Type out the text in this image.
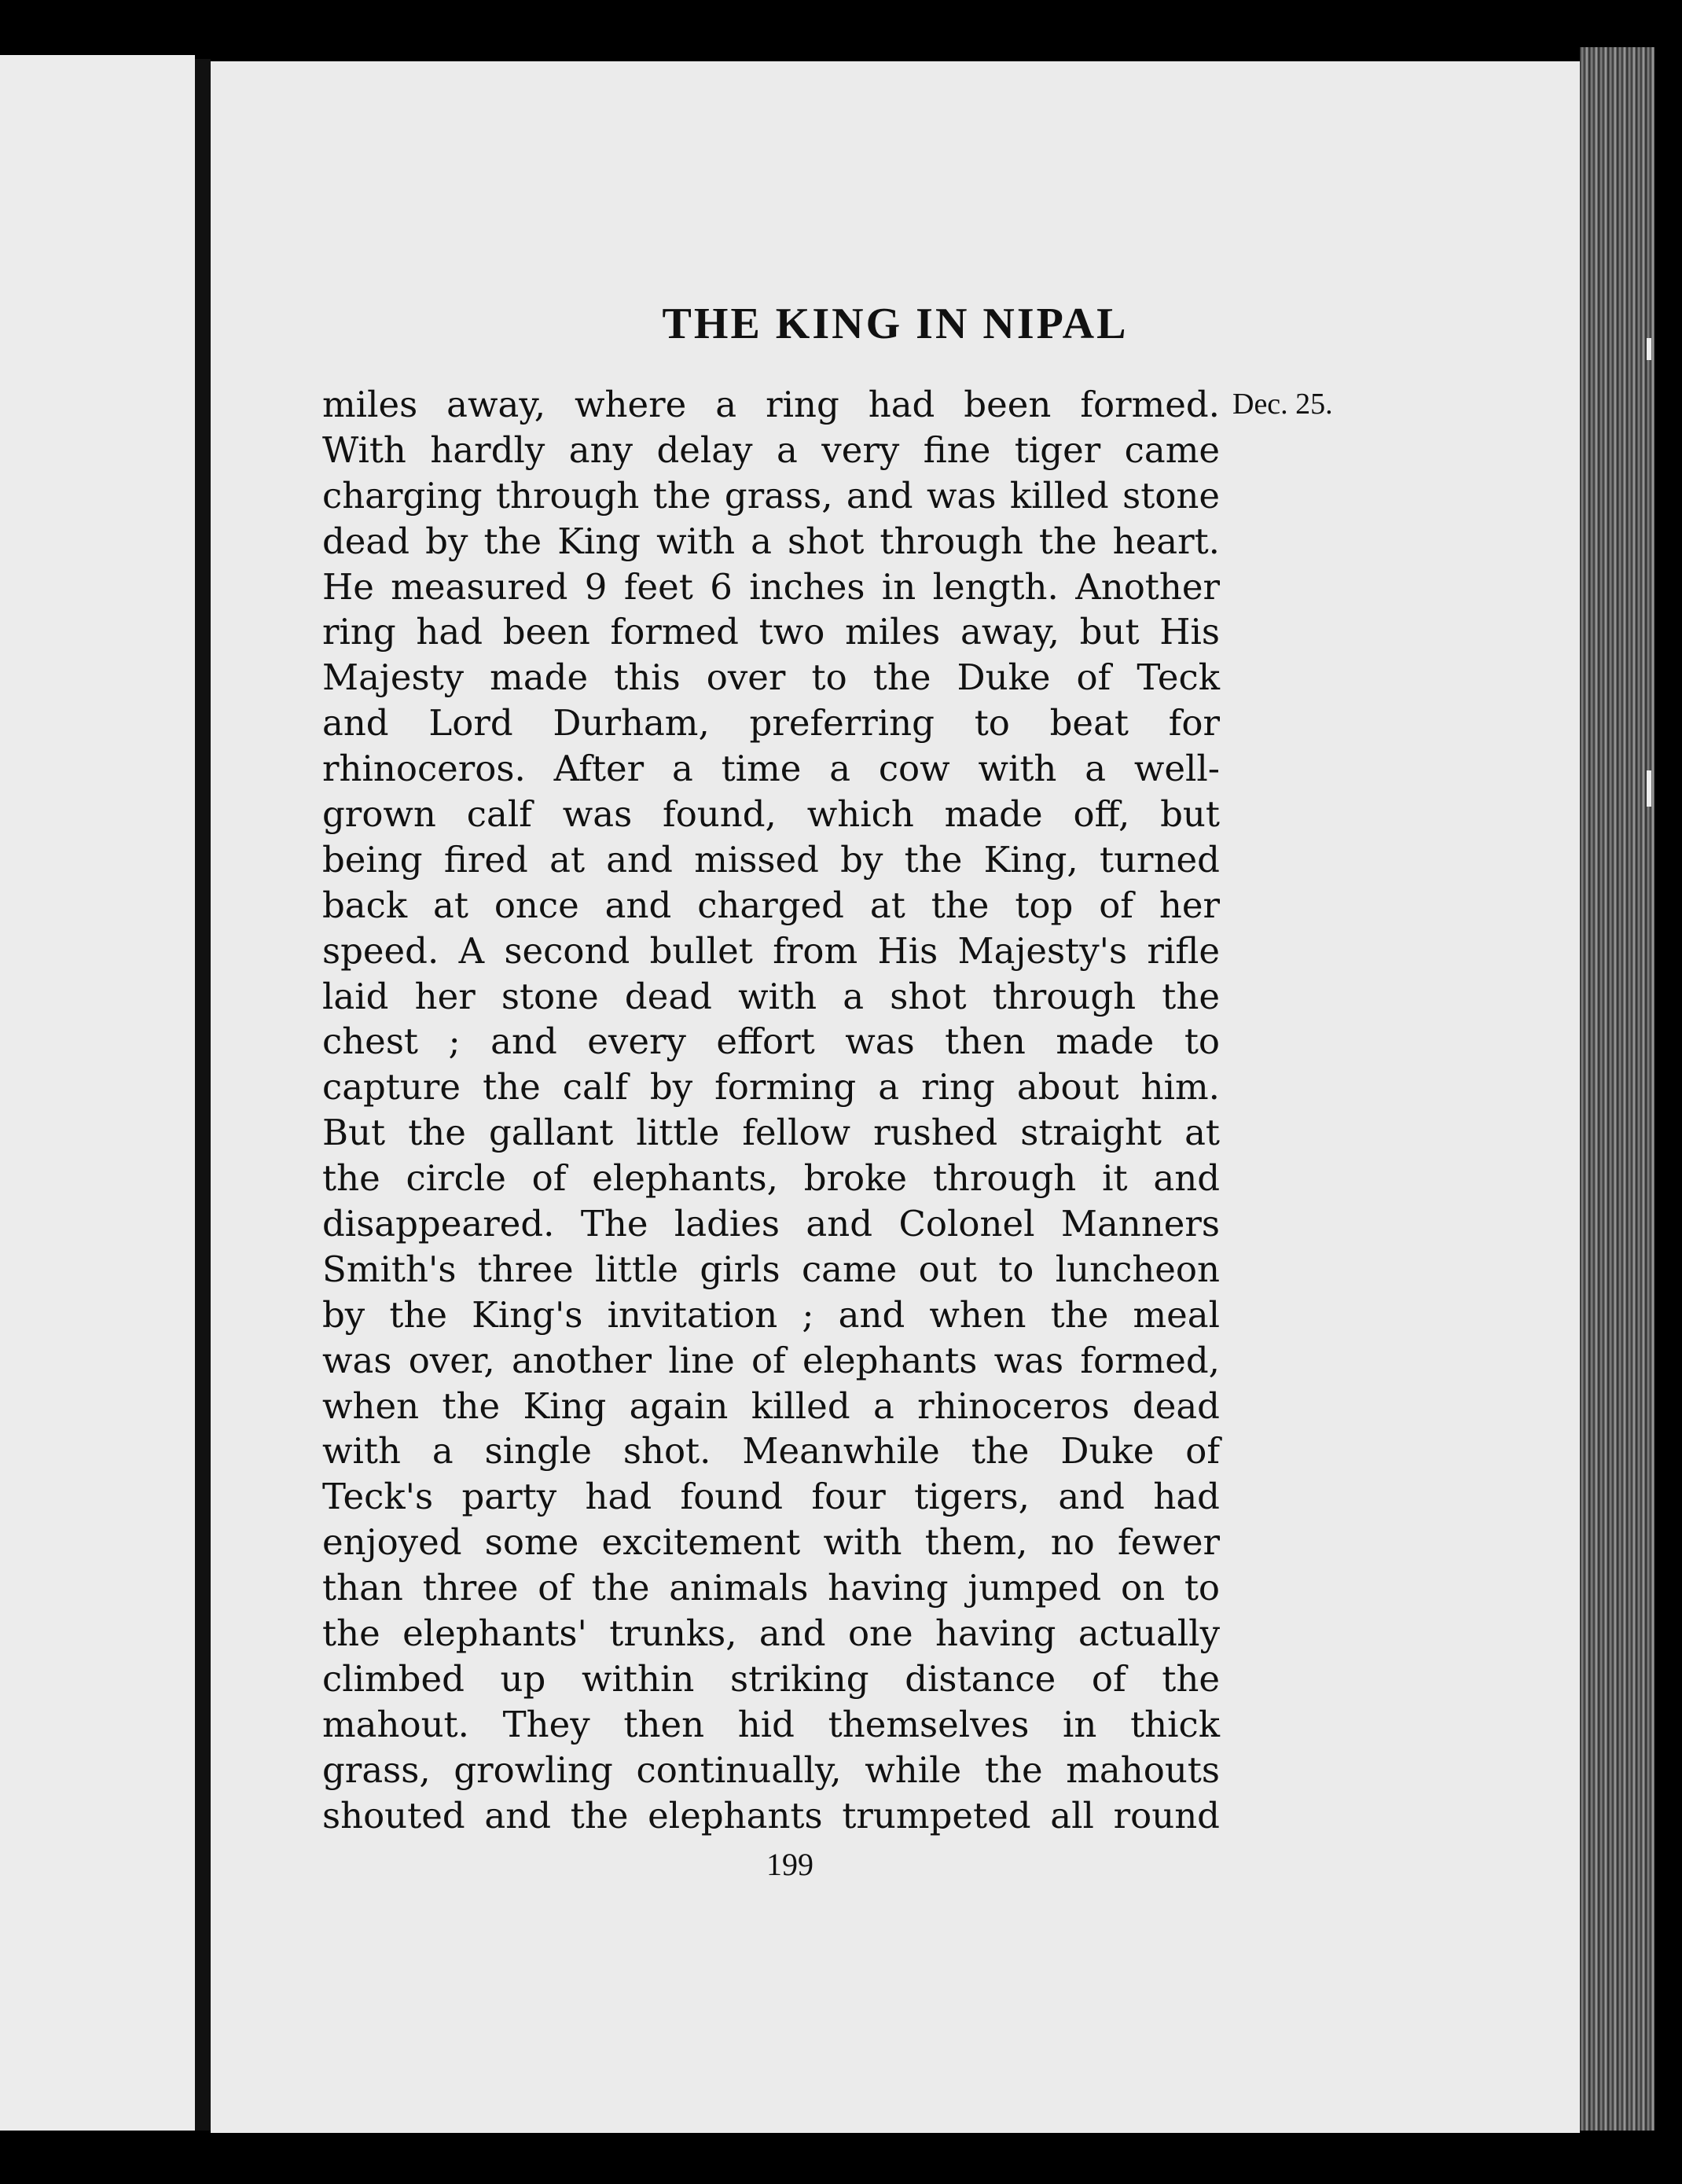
THE KING IN NIPAL
Dec. 25.
miles away, where a ring had been formed.
With hardly any delay a very fine tiger came
charging through the grass, and was killed stone
dead by the King with a shot through the heart.
He measured 9 feet 6 inches in length. Another
ring had been formed two miles away, but His
Majesty made this over to the Duke of Teck
and Lord Durham, preferring to beat for
rhinoceros. After a time a cow with a well-
grown calf was found, which made off, but
being fired at and missed by the King, turned
back at once and charged at the top of her
speed. A second bullet from His Majesty's rifle
laid her stone dead with a shot through the
chest ; and every effort was then made to
capture the calf by forming a ring about him.
But the gallant little fellow rushed straight at
the circle of elephants, broke through it and
disappeared. The ladies and Colonel Manners
Smith's three little girls came out to luncheon
by the King's invitation ; and when the meal
was over, another line of elephants was formed,
when the King again killed a rhinoceros dead
with a single shot. Meanwhile the Duke of
Teck's party had found four tigers, and had
enjoyed some excitement with them, no fewer
than three of the animals having jumped on to
the elephants' trunks, and one having actually
climbed up within striking distance of the
mahout. They then hid themselves in thick
grass, growling continually, while the mahouts
shouted and the elephants trumpeted all round
199
